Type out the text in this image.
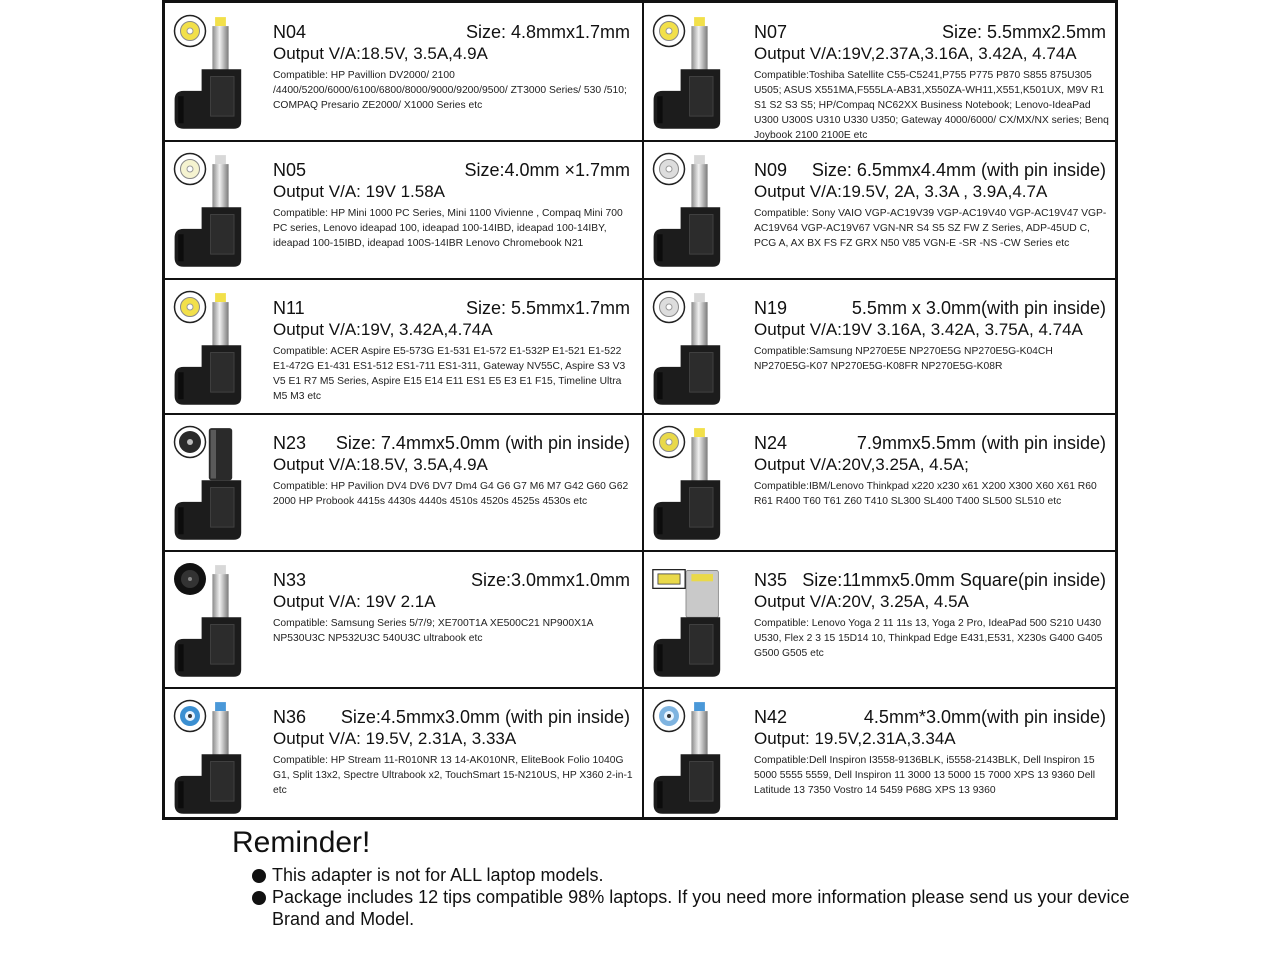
N04	Size: 4.8mmx1.7mm
Output V/A:18.5V, 3.5A,4.9A
Compatible: HP Pavillion DV2000/ 2100 /4400/5200/6000/6100/6800/8000/9000/9200/9500/ ZT3000 Series/ 530 /510; COMPAQ Presario ZE2000/ X1000 Series etc
N07	Size: 5.5mmx2.5mm
Output V/A:19V,2.37A,3.16A, 3.42A, 4.74A
Compatible:Toshiba Satellite C55-C5241,P755 P775 P870 S855 875U305 U505; ASUS X551MA,F555LA-AB31,X550ZA-WH11,X551,K501UX, M9V R1 S1 S2 S3 S5; HP/Compaq NC62XX Business Notebook; Lenovo-IdeaPad U300 U300S U310 U330 U350; Gateway 4000/6000/ CX/MX/NX series; Benq Joybook 2100 2100E etc
N05	Size:4.0mm ×1.7mm
Output V/A: 19V 1.58A
Compatible: HP Mini 1000 PC Series, Mini 1100 Vivienne , Compaq Mini 700 PC series, Lenovo ideapad 100, ideapad 100-14IBD, ideapad 100-14IBY, ideapad 100-15IBD, ideapad 100S-14IBR Lenovo Chromebook N21
N09 Size: 6.5mmx4.4mm (with pin inside)
Output V/A:19.5V, 2A, 3.3A , 3.9A,4.7A
Compatible: Sony VAIO VGP-AC19V39 VGP-AC19V40 VGP-AC19V47 VGP-AC19V64 VGP-AC19V67 VGN-NR S4 S5 SZ FW Z Series, ADP-45UD C, PCG A, AX BX FS FZ GRX N50 V85 VGN-E -SR -NS -CW Series etc
N11	Size: 5.5mmx1.7mm
Output V/A:19V, 3.42A,4.74A
Compatible: ACER Aspire E5-573G E1-531 E1-572 E1-532P E1-521 E1-522 E1-472G E1-431 ES1-512 ES1-711 ES1-311, Gateway NV55C, Aspire S3 V3 V5 E1 R7 M5 Series, Aspire E15 E14 E11 ES1 E5 E3 E1 F15, Timeline Ultra M5 M3 etc
N19	5.5mm x 3.0mm(with pin inside)
Output V/A:19V 3.16A, 3.42A, 3.75A, 4.74A
Compatible:Samsung NP270E5E NP270E5G NP270E5G-K04CH NP270E5G-K07 NP270E5G-K08FR NP270E5G-K08R
N23 Size: 7.4mmx5.0mm (with pin inside)
Output V/A:18.5V, 3.5A,4.9A
Compatible: HP Pavilion DV4 DV6 DV7 Dm4 G4 G6 G7 M6 M7 G42 G60 G62 2000 HP Probook 4415s 4430s 4440s 4510s 4520s 4525s 4530s etc
N24	7.9mmx5.5mm (with pin inside)
Output V/A:20V,3.25A, 4.5A;
Compatible:IBM/Lenovo Thinkpad x220 x230 x61 X200 X300 X60 X61 R60 R61 R400 T60 T61 Z60 T410 SL300 SL400 T400 SL500 SL510 etc
N33	Size:3.0mmx1.0mm
Output V/A: 19V 2.1A
Compatible: Samsung Series 5/7/9; XE700T1A XE500C21 NP900X1A NP530U3C NP532U3C 540U3C ultrabook etc
N35 Size:11mmx5.0mm Square(pin inside)
Output V/A:20V, 3.25A, 4.5A
Compatible: Lenovo Yoga 2 11 11s 13, Yoga 2 Pro, IdeaPad 500 S210 U430 U530, Flex 2 3 15 15D14 10, Thinkpad Edge E431,E531, X230s G400 G405 G500 G505 etc
N36 Size:4.5mmx3.0mm (with pin inside)
Output V/A: 19.5V, 2.31A, 3.33A
Compatible: HP Stream 11-R010NR 13 14-AK010NR, EliteBook Folio 1040G G1, Split 13x2, Spectre Ultrabook x2, TouchSmart 15-N210US, HP X360 2-in-1 etc
N42	4.5mm*3.0mm(with pin inside)
Output: 19.5V,2.31A,3.34A
Compatible:Dell Inspiron I3558-9136BLK, i5558-2143BLK, Dell Inspiron 15 5000 5555 5559, Dell Inspiron 11 3000 13 5000 15 7000 XPS 13 9360 Dell Latitude 13 7350 Vostro 14 5459 P68G XPS 13 9360
Reminder!
This adapter is not for ALL laptop models.
Package includes 12 tips compatible 98% laptops. If you need more information please send us your device Brand and Model.
